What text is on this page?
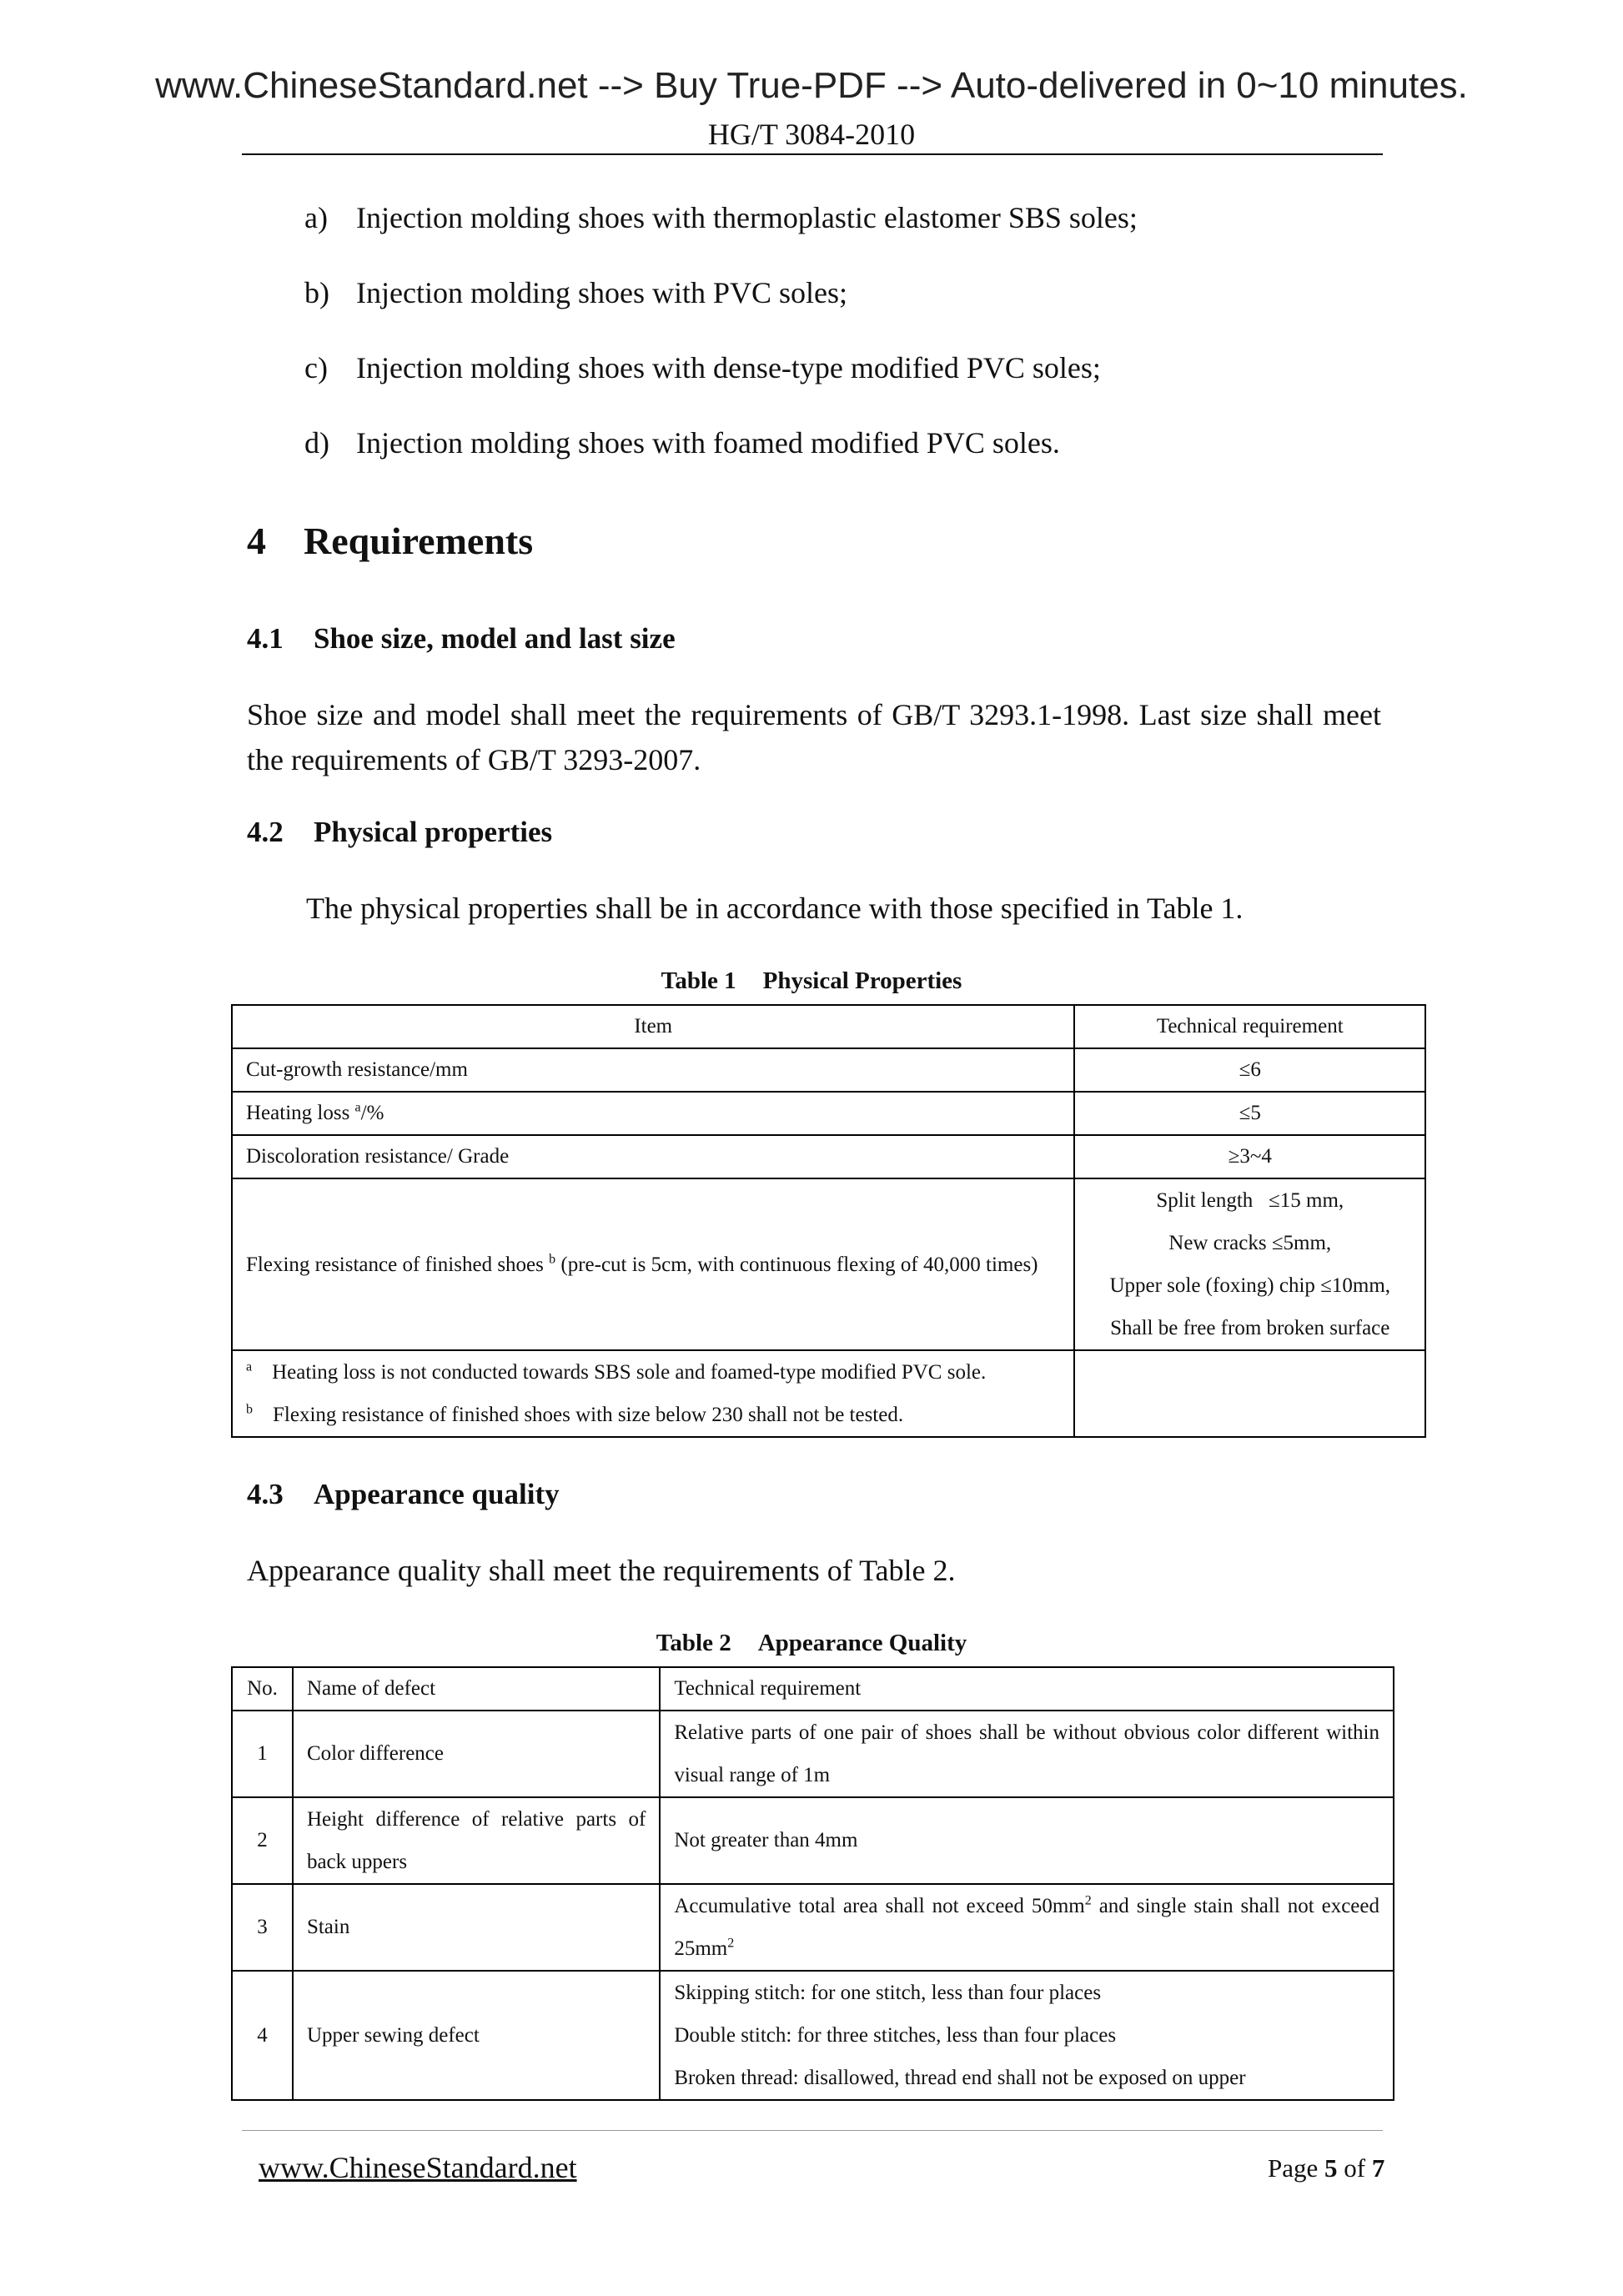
www.ChineseStandard.net --> Buy True-PDF --> Auto-delivered in 0~10 minutes.
HG/T 3084-2010
a) Injection molding shoes with thermoplastic elastomer SBS soles;
b) Injection molding shoes with PVC soles;
c) Injection molding shoes with dense-type modified PVC soles;
d) Injection molding shoes with foamed modified PVC soles.
4 Requirements
4.1 Shoe size, model and last size
Shoe size and model shall meet the requirements of GB/T 3293.1-1998. Last size shall meet the requirements of GB/T 3293-2007.
4.2 Physical properties
The physical properties shall be in accordance with those specified in Table 1.
Table 1 Physical Properties
Item	Technical requirement
Cut-growth resistance/mm	≤6
Heating loss $^a$/%	≤5
Discoloration resistance/ Grade	≥3~4
Flexing resistance of finished shoes $^b$ (pre-cut is 5cm, with continuous flexing of 40,000 times)	Split length   ≤15 mm,
New cracks ≤5mm,
Upper sole (foxing) chip ≤10mm,
Shall be free from broken surface

$^a$ Heating loss is not conducted towards SBS sole and foamed-type modified PVC sole.
$^b$ Flexing resistance of finished shoes with size below 230 shall not be tested.	

4.3 Appearance quality
Appearance quality shall meet the requirements of Table 2.
Table 2 Appearance Quality
No.	Name of defect	Technical requirement
1	Color difference	Relative parts of one pair of shoes shall be without obvious color different within visual range of 1m
2	Height difference of relative parts of back uppers	Not greater than 4mm
3	Stain	Accumulative total area shall not exceed $50mm^2$ and single stain shall not exceed $25mm^2$
4	Upper sewing defect	Skipping stitch: for one stitch, less than four places
Double stitch: for three stitches, less than four places
Broken thread: disallowed, thread end shall not be exposed on upper
www.ChineseStandard.net	Page 5 of 7
